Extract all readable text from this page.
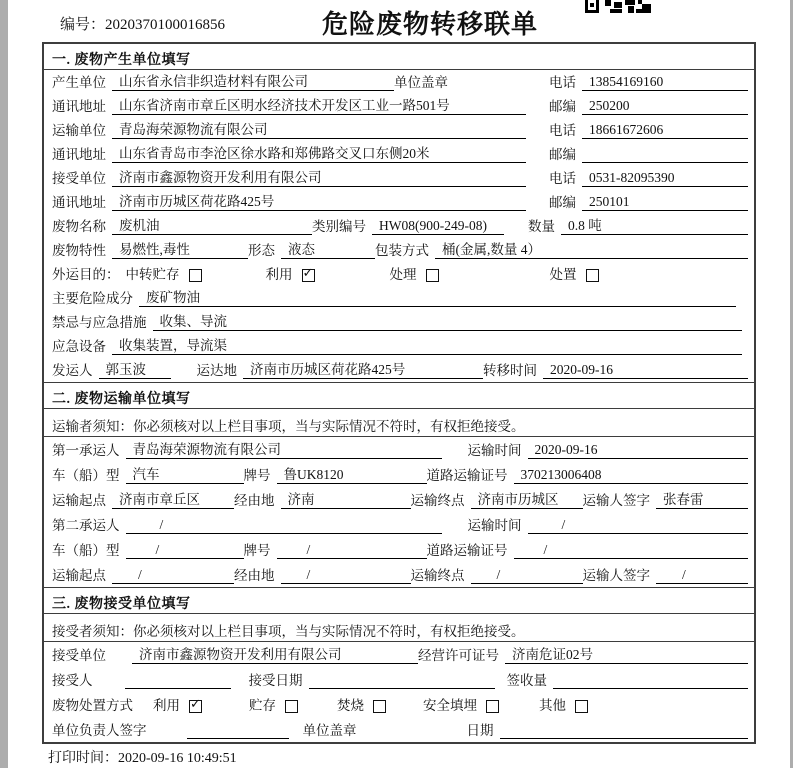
编号：2020370100016856	危险废物转移联单
一. 废物产生单位填写
产生单位 山东省永信非织造材料有限公司	单位盖章	电话 13854169160
通讯地址 山东省济南市章丘区明水经济技术开发区工业一路501号	邮编 250200
运输单位 青岛海荣源物流有限公司	电话 18661672606
通讯地址 山东省青岛市李沧区徐水路和郑佛路交叉口东侧20米	邮编
接受单位 济南市鑫源物资开发利用有限公司	电话 0531-82095390
通讯地址 济南市历城区荷花路425号	邮编 250101
废物名称 废机油	类别编号 HW08(900-249-08)	数量 0.8 吨
废物特性 易燃性,毒性	形态 液态	包装方式 桶(金属,数量 4）
外运目的： 中转贮存	利用 ✓	处理	处置
主要危险成分 废矿物油
禁忌与应急措施 收集、导流
应急设备 收集装置，导流渠
发运人 郭玉波	运达地 济南市历城区荷花路425号	转移时间 2020-09-16
二. 废物运输单位填写
运输者须知：你必须核对以上栏目事项，当与实际情况不符时，有权拒绝接受。
第一承运人 青岛海荣源物流有限公司	运输时间 2020-09-16
车（船）型 汽车	牌号 鲁UK8120	道路运输证号 370213006408
运输起点 济南市章丘区	经由地 济南	运输终点 济南市历城区	运输人签字 张春雷
第二承运人	/	运输时间	/
车（船）型	/	牌号	/	道路运输证号	/
运输起点	/	经由地	/	运输终点	/	运输人签字	/
三. 废物接受单位填写
接受者须知：你必须核对以上栏目事项，当与实际情况不符时，有权拒绝接受。
接受单位	济南市鑫源物资开发利用有限公司	经营许可证号 济南危证02号
接受人	接受日期	签收量
废物处置方式	利用 ✓	贮存	焚烧	安全填埋	其他
单位负责人签字	单位盖章	日期
打印时间：2020-09-16 10:49:51
